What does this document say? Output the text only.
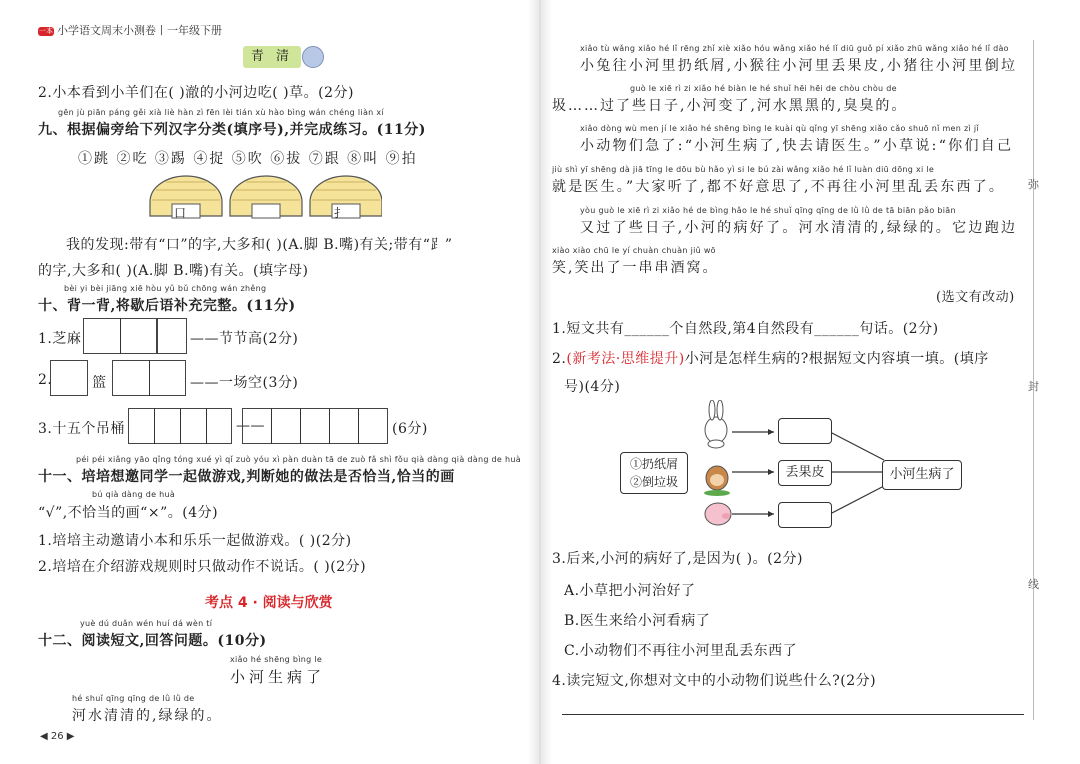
一本 小学语文周末小测卷丨一年级下册
青 清
2.小本看到小羊们在( )澈的小河边吃( )草。(2分)
gēn jù piān páng gěi xià liè hàn zì fēn lèi tián xù hào bìng wán chéng liàn xí
九、根据偏旁给下列汉字分类(填序号),并完成练习。(11分)
①跳 ②吃 ③踢 ④捉 ⑤吹 ⑥拔 ⑦跟 ⑧叫 ⑨拍
口	扌
我的发现:带有“口”的字,大多和( )(A.脚 B.嘴)有关;带有“⻊”
的字,大多和( )(A.脚 B.嘴)有关。(填字母)
bèi yi bèi jiāng xiē hòu yǔ bǔ chōng wán zhěng
十、背一背,将歇后语补充完整。(11分)
1.芝麻	——节节高(2分)
2.	篮	——一场空(3分)
3.十五个吊桶	——	(6分)
péi péi xiǎng yāo qǐng tóng xué yì qǐ zuò yóu xì pàn duàn tā de zuò fǎ shì fǒu qià dàng qià dàng de huà
十一、培培想邀同学一起做游戏,判断她的做法是否恰当,恰当的画
bú qià dàng de huà
“√”,不恰当的画“×”。(4分)
1.培培主动邀请小本和乐乐一起做游戏。( )(2分)
2.培培在介绍游戏规则时只做动作不说话。( )(2分)
考点 4 · 阅读与欣赏
yuè dú duǎn wén huí dá wèn tí
十二、阅读短文,回答问题。(10分)
xiǎo hé shēng bìng le
小河生病了
hé shuǐ qīng qīng de lǜ lǜ de
河水清清的,绿绿的。
◀ 26 ▶
xiǎo tù wǎng xiǎo hé lǐ rēng zhǐ xiè xiǎo hóu wǎng xiǎo hé lǐ diū guǒ pí xiǎo zhū wǎng xiǎo hé lǐ dào
小兔往小河里扔纸屑,小猴往小河里丢果皮,小猪往小河里倒垃
guò le xiē rì zi xiǎo hé biàn le hé shuǐ hēi hēi de chòu chòu de
圾……过了些日子,小河变了,河水黑黑的,臭臭的。
xiǎo dòng wù men jí le xiǎo hé shēng bìng le kuài qù qǐng yī shēng xiǎo cǎo shuō nǐ men zì jǐ
小动物们急了:“小河生病了,快去请医生。”小草说:“你们自己
jiù shì yī shēng dà jiā tīng le dōu bù hǎo yì si le bú zài wǎng xiǎo hé lǐ luàn diū dōng xi le
就是医生。”大家听了,都不好意思了,不再往小河里乱丢东西了。
yòu guò le xiē rì zi xiǎo hé de bìng hǎo le hé shuǐ qīng qīng de lǜ lǜ de tā biān pǎo biān
又过了些日子,小河的病好了。河水清清的,绿绿的。它边跑边
xiào xiào chū le yí chuàn chuàn jiǔ wō
笑,笑出了一串串酒窝。
(选文有改动)
1.短文共有______个自然段,第4自然段有______句话。(2分)
2.(新考法·思维提升)小河是怎样生病的?根据短文内容填一填。(填序
号)(4分)
①扔纸屑
②倒垃圾
丢果皮	小河生病了
3.后来,小河的病好了,是因为( )。(2分)
A.小草把小河治好了
B.医生来给小河看病了
C.小动物们不再往小河里乱丢东西了
4.读完短文,你想对文中的小动物们说些什么?(2分)
弥
封
线
